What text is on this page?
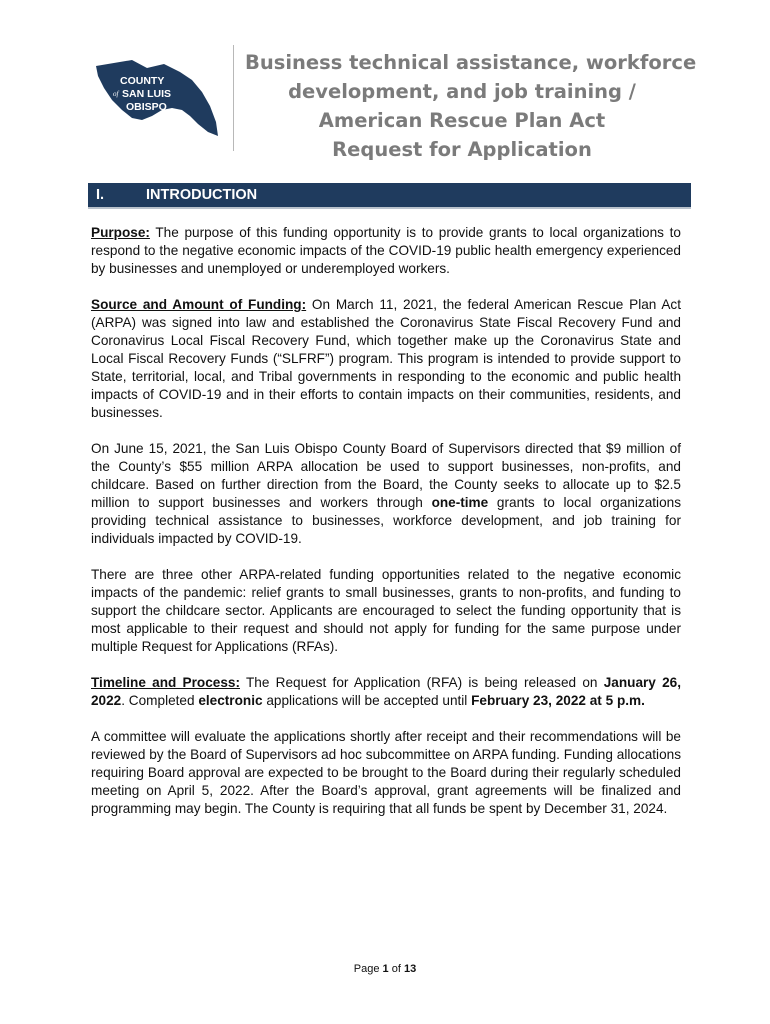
COUNTY
of SAN LUIS
OBISPO
Business technical assistance, workforce
development, and job training /
American Rescue Plan Act
Request for Application
I.	INTRODUCTION

Purpose: The purpose of this funding opportunity is to provide grants to local organizations to respond to the negative economic impacts of the COVID-19 public health emergency experienced by businesses and unemployed or underemployed workers.

Source and Amount of Funding: On March 11, 2021, the federal American Rescue Plan Act (ARPA) was signed into law and established the Coronavirus State Fiscal Recovery Fund and Coronavirus Local Fiscal Recovery Fund, which together make up the Coronavirus State and Local Fiscal Recovery Funds (“SLFRF”) program. This program is intended to provide support to State, territorial, local, and Tribal governments in responding to the economic and public health impacts of COVID-19 and in their efforts to contain impacts on their communities, residents, and businesses.

On June 15, 2021, the San Luis Obispo County Board of Supervisors directed that $9 million of the County’s $55 million ARPA allocation be used to support businesses, non-profits, and childcare. Based on further direction from the Board, the County seeks to allocate up to $2.5 million to support businesses and workers through one-time grants to local organizations providing technical assistance to businesses, workforce development, and job training for individuals impacted by COVID-19.

There are three other ARPA-related funding opportunities related to the negative economic impacts of the pandemic: relief grants to small businesses, grants to non-profits, and funding to support the childcare sector. Applicants are encouraged to select the funding opportunity that is most applicable to their request and should not apply for funding for the same purpose under multiple Request for Applications (RFAs).

Timeline and Process: The Request for Application (RFA) is being released on January 26, 2022. Completed electronic applications will be accepted until February 23, 2022 at 5 p.m.

A committee will evaluate the applications shortly after receipt and their recommendations will be reviewed by the Board of Supervisors ad hoc subcommittee on ARPA funding. Funding allocations requiring Board approval are expected to be brought to the Board during their regularly scheduled meeting on April 5, 2022. After the Board’s approval, grant agreements will be finalized and programming may begin. The County is requiring that all funds be spent by December 31, 2024.

Page 1 of 13
